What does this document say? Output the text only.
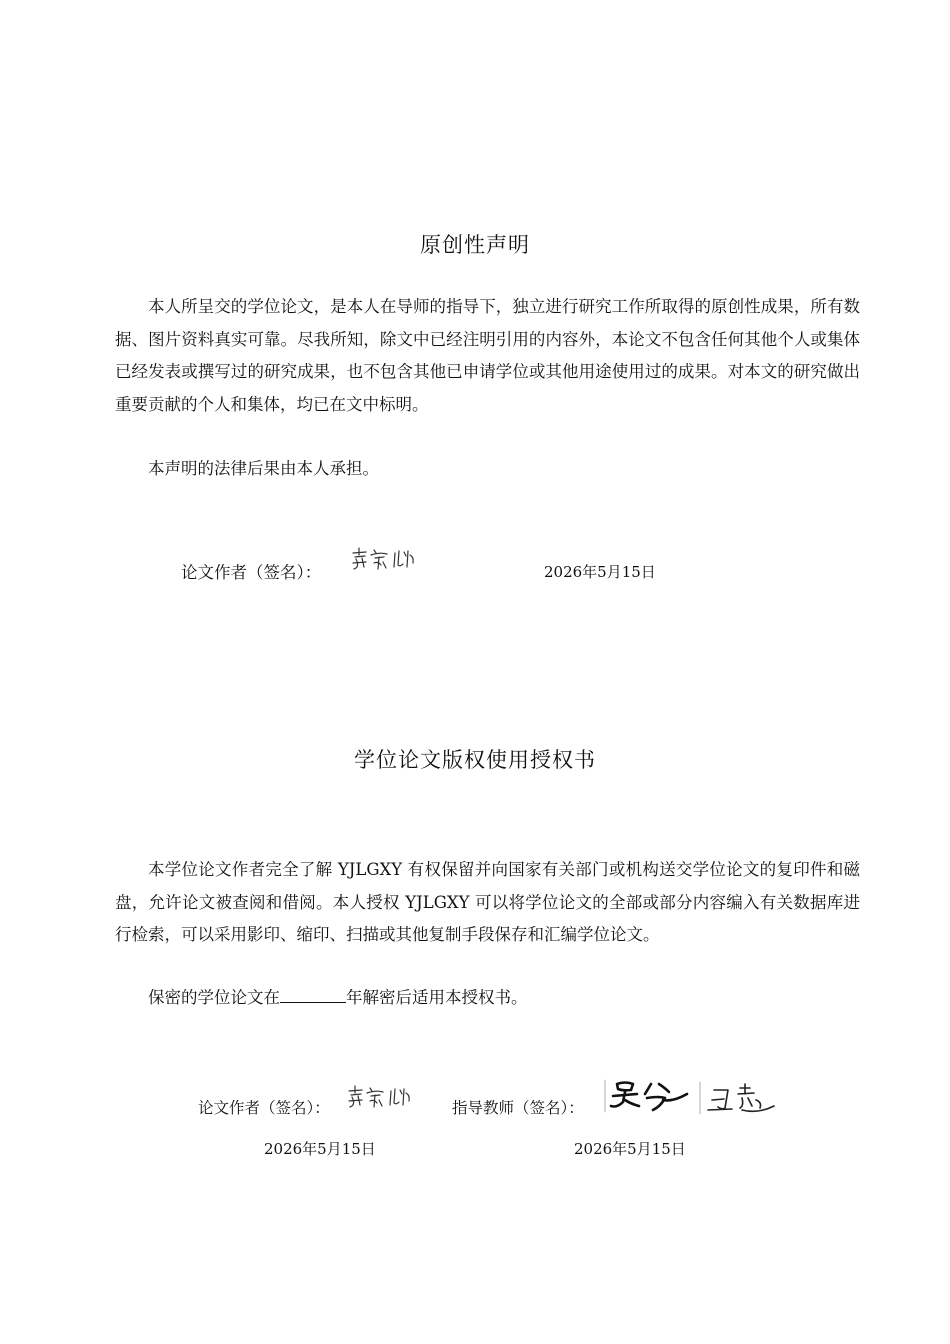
原创性声明
本人所呈交的学位论文，是本人在导师的指导下，独立进行研究工作所取得的原创性成果，所有数据、图片资料真实可靠。尽我所知，除文中已经注明引用的内容外，本论文不包含任何其他个人或集体已经发表或撰写过的研究成果，也不包含其他已申请学位或其他用途使用过的成果。对本文的研究做出重要贡献的个人和集体，均已在文中标明。
本声明的法律后果由本人承担。
论文作者（签名）：	2026年5月15日
学位论文版权使用授权书
本学位论文作者完全了解 YJLGXY 有权保留并向国家有关部门或机构送交学位论文的复印件和磁盘，允许论文被查阅和借阅。本人授权 YJLGXY 可以将学位论文的全部或部分内容编入有关数据库进行检索，可以采用影印、缩印、扫描或其他复制手段保存和汇编学位论文。
保密的学位论文在	年解密后适用本授权书。
论文作者（签名）：	指导教师（签名）：
2026年5月15日	2026年5月15日
